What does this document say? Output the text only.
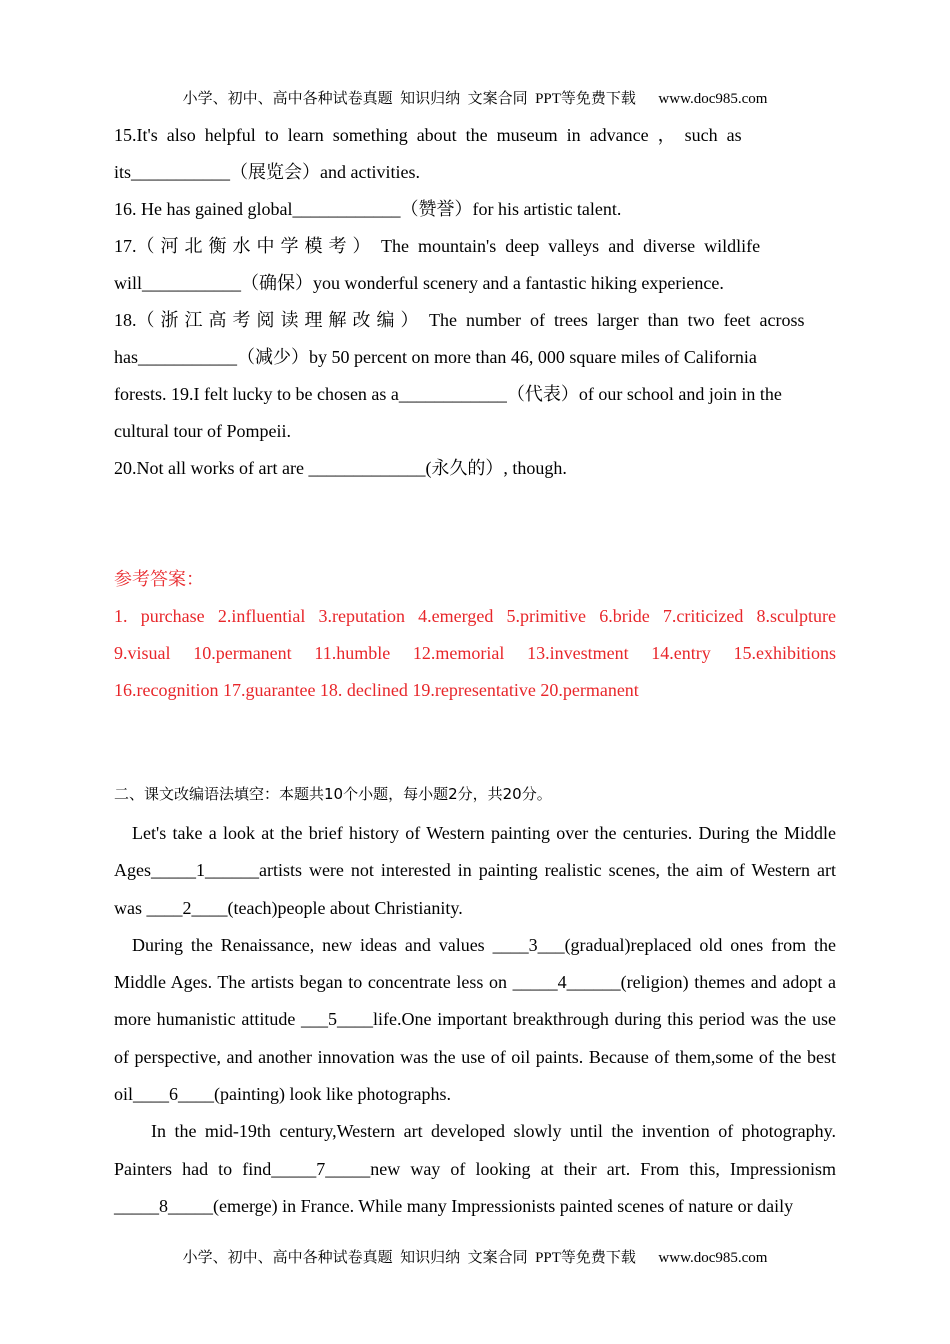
小学、初中、高中各种试卷真题  知识归纳  文案合同  PPT等免费下载 www.doc985.com

15.It's  also  helpful  to  learn  something  about  the  museum  in  advance  ，  such  as

its___________（展览会）and activities.

16. He has gained global____________（赞誉）for his artistic talent.

17.（河北衡水中学模考） The  mountain's  deep  valleys  and  diverse  wildlife

will___________（确保）you wonderful scenery and a fantastic hiking experience.

18.（浙江高考阅读理解改编） The  number  of  trees  larger  than  two  feet  across

has___________（减少）by 50 percent on more than 46, 000 square miles of California

forests. 19.I felt lucky to be chosen as a____________（代表）of our school and join in the

cultural tour of Pompeii.

20.Not all works of art are _____________(永久的）, though.

参考答案：

1. purchase 2.influential 3.reputation 4.emerged 5.primitive 6.bride 7.criticized 8.sculpture

9.visual 10.permanent 11.humble 12.memorial 13.investment 14.entry 15.exhibitions

16.recognition 17.guarantee 18. declined 19.representative 20.permanent

二、课文改编语法填空：本题共10个小题，每小题2分，共20分。

Let's take a look at the brief history of Western painting over the centuries. During the Middle Ages_____1______artists were not interested in painting realistic scenes, the aim of Western art was ____2____(teach)people about Christianity.

During the Renaissance, new ideas and values ____3___(gradual)replaced old ones from the Middle Ages. The artists began to concentrate less on _____4______(religion) themes and adopt a more humanistic attitude ___5____life.One important breakthrough during this period was the use of perspective, and another innovation was the use of oil paints. Because of them,some of the best oil____6____(painting) look like photographs.

In the mid-19th century,Western art developed slowly until the invention of photography. Painters had to find_____7_____new way of looking at their art. From this, Impressionism _____8_____(emerge) in France. While many Impressionists painted scenes of nature or daily

小学、初中、高中各种试卷真题  知识归纳  文案合同  PPT等免费下载 www.doc985.com
